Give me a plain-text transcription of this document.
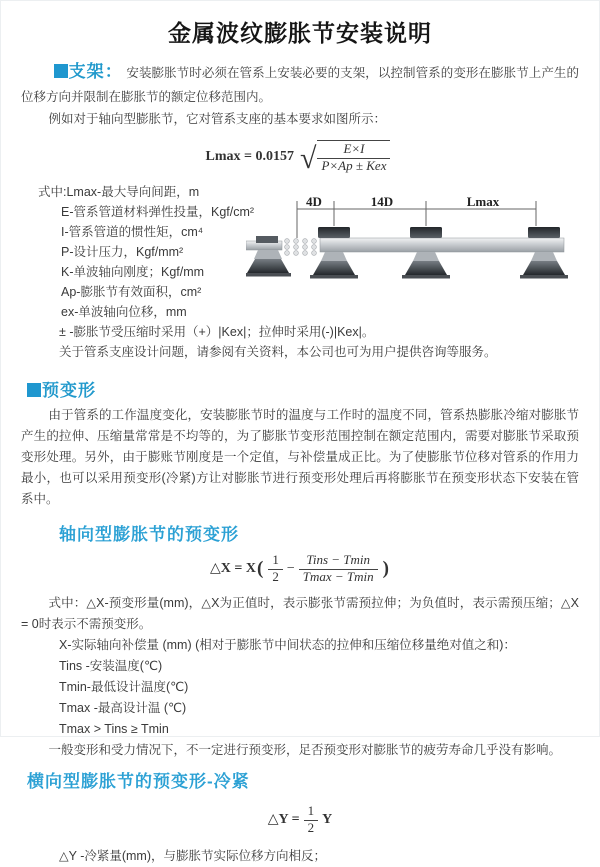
金属波纹膨胀节安装说明
支架： 安装膨胀节时必须在管系上安装必要的支架，以控制管系的变形在膨胀节上产生的位移方向并限制在膨胀节的额定位移范围内。
例如对于轴向型膨胀节，它对管系支座的基本要求如图所示：
Lmax = 0.0157 √ $\frac{E\times I}{\text{P×Ap ± Kex}}$
式中:Lmax-最大导向间距，m
E-管系管道材料弹性投量，Kgf/cm²
I-管系管道的惯性矩，cm⁴
P-设计压力，Kgf/mm²
K-单波轴向刚度；Kgf/mm
Ap-膨胀节有效面积，cm²
ex-单波轴向位移，mm
± -膨胀节受压缩时采用（+）|Kex|；拉伸时采用(-)|Kex|。
关于管系支座设计问题，请参阅有关资料，本公司也可为用户提供咨询等服务。
4D	14D	Lmax
预变形
由于管系的工作温度变化，安装膨胀节时的温度与工作时的温度不同，管系热膨胀冷缩对膨胀节产生的拉伸、压缩量常常是不均等的，为了膨胀节变形范围控制在额定范围内，需要对膨胀节采取预变形处理。另外，由于膨账节刚度是一个定值，与补偿量成正比。为了使膨胀节位移对管系的作用力最小，也可以采用预变形(冷紧)方让对膨胀节进行预变形处理后再将膨胀节在预变形状态下安装在管系中。
轴向型膨胀节的预变形
△X = X ( $\frac{1}{2} - \frac{\text{Tins − Tmin}}{Tmax - Tmin}$ )
式中：△X-预变形量(mm)，△X为正值时，表示膨张节需预拉伸；为负值时，表示需预压缩；△X = 0时表示不需预变形。
X-实际轴向补偿量 (mm) (相对于膨胀节中间状态的拉伸和压缩位移量绝对值之和)：
Tins -安装温度(℃)
Tmin-最低设计温度(℃)
Tmax -最高设计温 (℃)
Tmax > Tins ≥ Tmin
一般变形和受力情况下，不一定进行预变形，足否预变形对膨胀节的疲劳寿命几乎没有影响。
横向型膨胀节的预变形-冷紧
△Y = $\frac{1}{2}$ Y
△Y -冷紧量(mm)，与膨胀节实际位移方向相反；
